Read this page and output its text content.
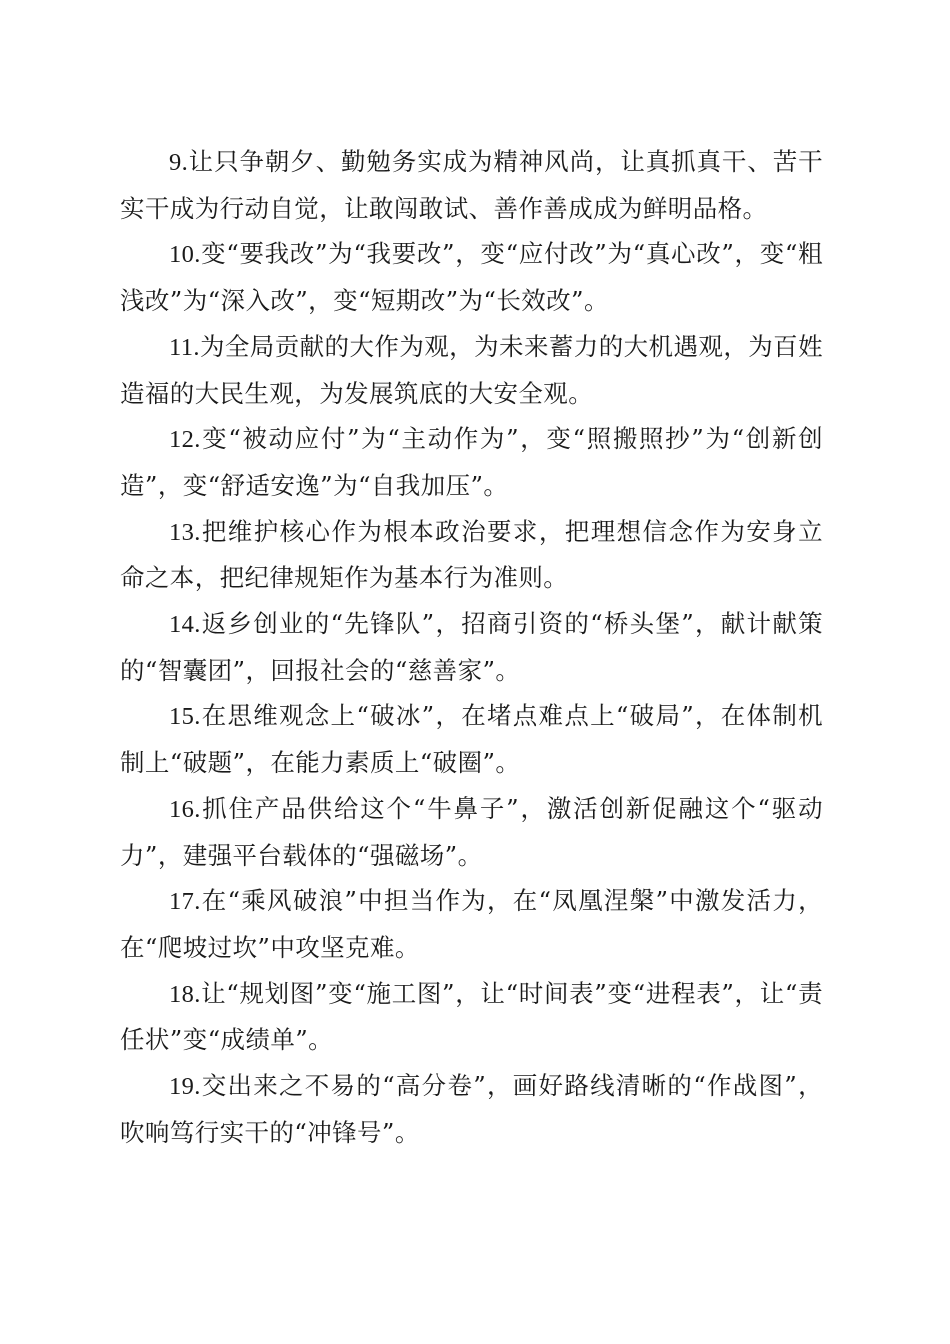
9.让只争朝夕、勤勉务实成为精神风尚，让真抓真干、苦干实干成为行动自觉，让敢闯敢试、善作善成成为鲜明品格。

10.变“要我改”为“我要改”，变“应付改”为“真心改”，变“粗浅改”为“深入改”，变“短期改”为“长效改”。

11.为全局贡献的大作为观，为未来蓄力的大机遇观，为百姓造福的大民生观，为发展筑底的大安全观。

12.变“被动应付”为“主动作为”，变“照搬照抄”为“创新创造”，变“舒适安逸”为“自我加压”。

13.把维护核心作为根本政治要求，把理想信念作为安身立命之本，把纪律规矩作为基本行为准则。

14.返乡创业的“先锋队”，招商引资的“桥头堡”，献计献策的“智囊团”，回报社会的“慈善家”。

15.在思维观念上“破冰”，在堵点难点上“破局”，在体制机制上“破题”，在能力素质上“破圈”。

16.抓住产品供给这个“牛鼻子”，激活创新促融这个“驱动力”，建强平台载体的“强磁场”。

17.在“乘风破浪”中担当作为，在“凤凰涅槃”中激发活力，在“爬坡过坎”中攻坚克难。

18.让“规划图”变“施工图”，让“时间表”变“进程表”，让“责任状”变“成绩单”。

19.交出来之不易的“高分卷”，画好路线清晰的“作战图”，吹响笃行实干的“冲锋号”。
